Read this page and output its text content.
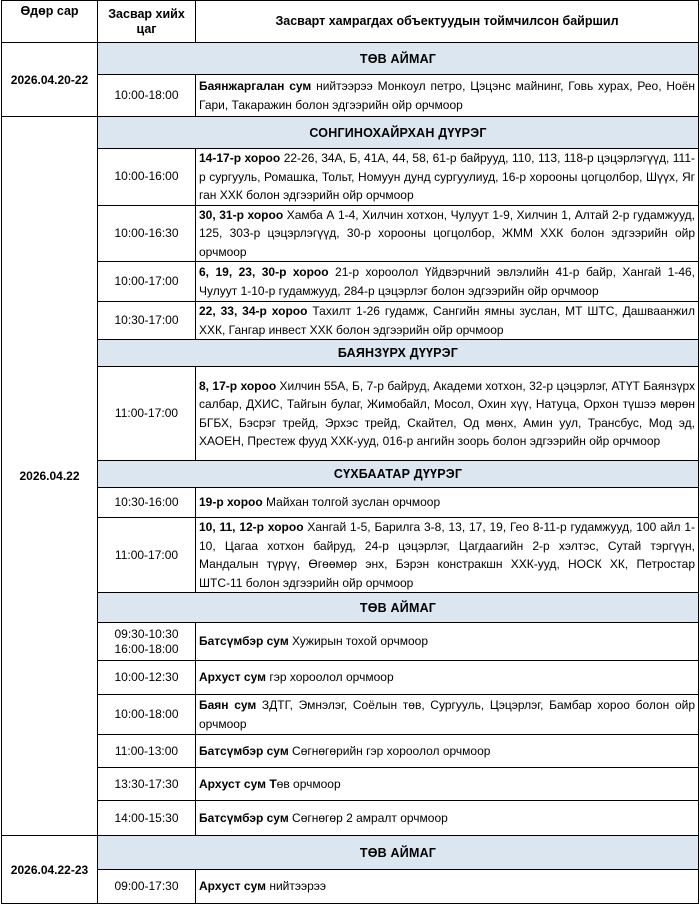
Өдөр сар	Засвар хийх цаг	Засварт хамрагдах объектуудын тоймчилсон байршил
2026.04.20-22	ТӨВ АЙМАГ	
	10:00-18:00	Баянжаргалан сум нийтээрээ Монкоул петро, Цэцэнс майнинг, Говь хурах, Рео, Ноён Гари, Такаражин болон эдгээрийн ойр орчмоор
2026.04.22	СОНГИНОХАЙРХАН ДҮҮРЭГ	
	10:00-16:00	14-17-р хороо 22-26, 34А, Б, 41А, 44, 58, 61-р байрууд, 110, 113, 118-р цэцэрлэгүүд, 111-р сургууль, Ромашка, Тольт, Номуун дунд сургуулиуд, 16-р хорооны цогцолбор, Шүүх, Яг ган ХХК болон эдгээрийн ойр орчмоор
	10:00-16:30	30, 31-р хороо Хамба А 1-4, Хилчин хотхон, Чулуут 1-9, Хилчин 1, Алтай 2-р гудамжууд, 125, 303-р цэцэрлэгүүд, 30-р хорооны цогцолбор, ЖММ ХХК болон эдгээрийн ойр орчмоор
	10:00-17:00	6, 19, 23, 30-р хороо 21-р хороолол Үйдвэрчний эвлэлийн 41-р байр, Хангай 1-46, Чулуут 1-10-р гудамжууд, 284-р цэцэрлэг болон эдгээрийн ойр орчмоор
	10:30-17:00	22, 33, 34-р хороо Тахилт 1-26 гудамж, Сангийн ямны зуслан, МТ ШТС, Дашваанжил ХХК, Гангар инвест ХХК болон эдгээрийн ойр орчмоор
	БАЯНЗҮРХ ДҮҮРЭГ	
	11:00-17:00	8, 17-р хороо Хилчин 55А, Б, 7-р байруд, Академи хотхон, 32-р цэцэрлэг, АТҮТ Баянзүрх салбар, ДХИС, Тайгын булаг, Жимобайл, Мосол, Охин хүү, Натуца, Орхон түшээ мөрөн БГБХ, Бэсрэг трейд, Эрхэс трейд, Скайтел, Од мөнх, Амин уул, Трансбус, Мод эд, ХАОЕН, Престеж фууд ХХК-ууд, 016-р ангийн зоорь болон эдгээрийн ойр орчмоор
	СҮХБААТАР ДҮҮРЭГ	
	10:30-16:00	19-р хороо Майхан толгой зуслан орчмоор
	11:00-17:00	10, 11, 12-р хороо Хангай 1-5, Барилга 3-8, 13, 17, 19, Гео 8-11-р гудамжууд, 100 айл 1-10, Цагаа хотхон байруд, 24-р цэцэрлэг, Цагдаагийн 2-р хэлтэс, Сутай тэргүүн, Мандалын түрүү, Өгөөмөр энх, Бэрэн констракшн ХХК-ууд, НОСК ХК, Петростар ШТС-11 болон эдгээрийн ойр орчмоор
	ТӨВ АЙМАГ	
	09:30-10:30
16:00-18:00	Батсүмбэр сум Хужирын тохой орчмоор
	10:00-12:30	Архуст сум гэр хороолол орчмоор
	10:00-18:00	Баян сум ЗДТГ, Эмнэлэг, Соёлын төв, Сургууль, Цэцэрлэг, Бамбар хороо болон ойр орчмоор
	11:00-13:00	Батсүмбэр сум Сөгнөгөрийн гэр хороолол орчмоор
	13:30-17:30	Архуст сум Төв орчмоор
	14:00-15:30	Батсүмбэр сум Сөгнөгөр 2 амралт орчмоор
2026.04.22-23	ТӨВ АЙМАГ	
	09:00-17:30	Архуст сум нийтээрээ
